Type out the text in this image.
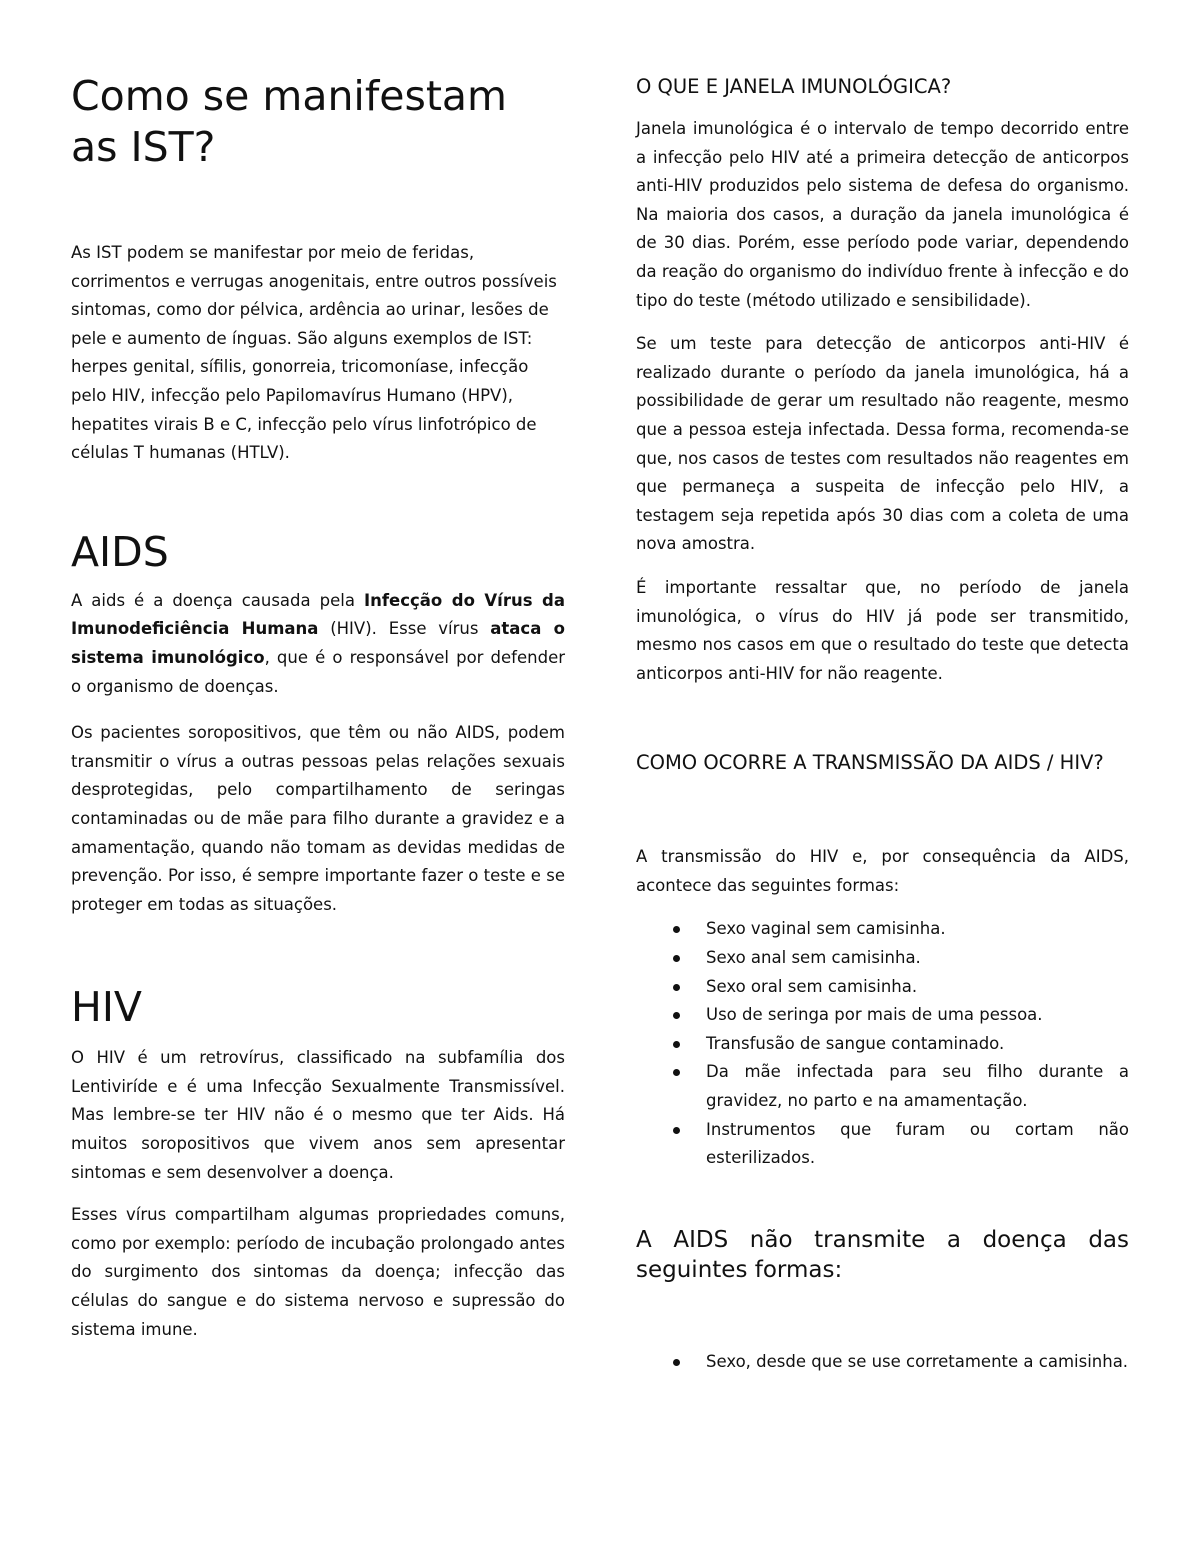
Como se manifestam as IST?

As IST podem se manifestar por meio de feridas, corrimentos e verrugas anogenitais, entre outros possíveis sintomas, como dor pélvica, ardência ao urinar, lesões de pele e aumento de ínguas. São alguns exemplos de IST: herpes genital, sífilis, gonorreia, tricomoníase, infecção pelo HIV, infecção pelo Papilomavírus Humano (HPV), hepatites virais B e C, infecção pelo vírus linfotrópico de células T humanas (HTLV).

AIDS

A aids é a doença causada pela Infecção do Vírus da Imunodeficiência Humana (HIV). Esse vírus ataca o sistema imunológico, que é o responsável por defender o organismo de doenças.

Os pacientes soropositivos, que têm ou não AIDS, podem transmitir o vírus a outras pessoas pelas relações sexuais desprotegidas, pelo compartilhamento de seringas contaminadas ou de mãe para filho durante a gravidez e a amamentação, quando não tomam as devidas medidas de prevenção. Por isso, é sempre importante fazer o teste e se proteger em todas as situações.

HIV

O HIV é um retrovírus, classificado na subfamília dos Lentiviríde e é uma Infecção Sexualmente Transmissível. Mas lembre-se ter HIV não é o mesmo que ter Aids. Há muitos soropositivos que vivem anos sem apresentar sintomas e sem desenvolver a doença.

Esses vírus compartilham algumas propriedades comuns, como por exemplo: período de incubação prolongado antes do surgimento dos sintomas da doença; infecção das células do sangue e do sistema nervoso e supressão do sistema imune.

O QUE E JANELA IMUNOLÓGICA?

Janela imunológica é o intervalo de tempo decorrido entre a infecção pelo HIV até a primeira detecção de anticorpos anti-HIV produzidos pelo sistema de defesa do organismo. Na maioria dos casos, a duração da janela imunológica é de 30 dias. Porém, esse período pode variar, dependendo da reação do organismo do indivíduo frente à infecção e do tipo do teste (método utilizado e sensibilidade).

Se um teste para detecção de anticorpos anti-HIV é realizado durante o período da janela imunológica, há a possibilidade de gerar um resultado não reagente, mesmo que a pessoa esteja infectada. Dessa forma, recomenda-se que, nos casos de testes com resultados não reagentes em que permaneça a suspeita de infecção pelo HIV, a testagem seja repetida após 30 dias com a coleta de uma nova amostra.

É importante ressaltar que, no período de janela imunológica, o vírus do HIV já pode ser transmitido, mesmo nos casos em que o resultado do teste que detecta anticorpos anti-HIV for não reagente.

COMO OCORRE A TRANSMISSÃO DA AIDS / HIV?

A transmissão do HIV e, por consequência da AIDS, acontece das seguintes formas:

Sexo vaginal sem camisinha.
Sexo anal sem camisinha.
Sexo oral sem camisinha.
Uso de seringa por mais de uma pessoa.
Transfusão de sangue contaminado.
Da mãe infectada para seu filho durante a gravidez, no parto e na amamentação.
Instrumentos que furam ou cortam não esterilizados.
A AIDS não transmite a doença das seguintes formas:
Sexo, desde que se use corretamente a camisinha.
